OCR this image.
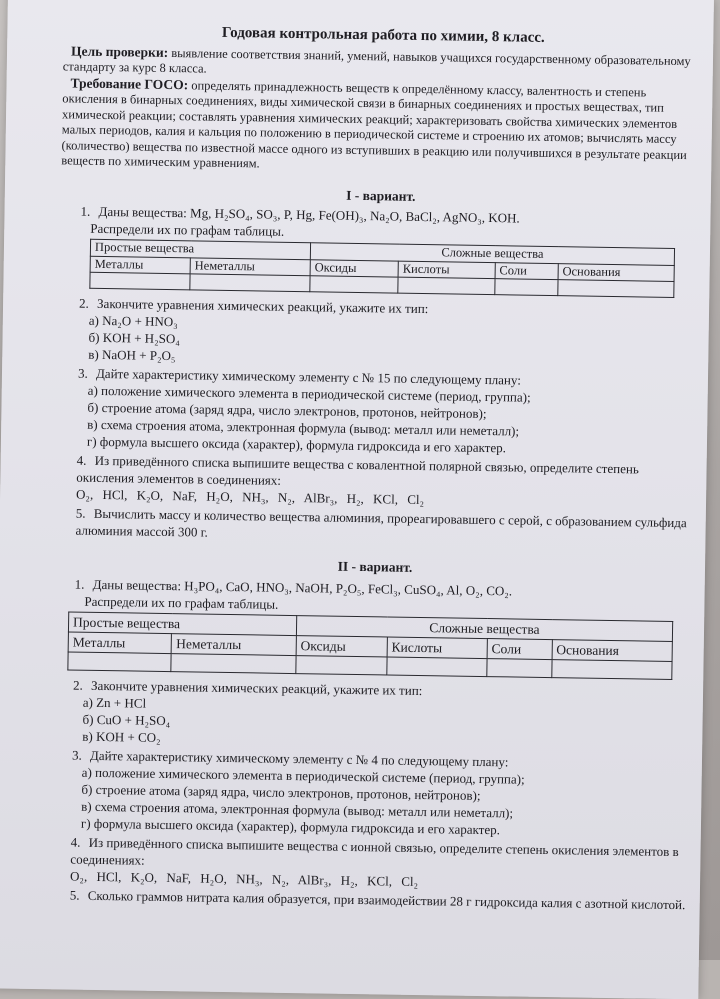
Годовая контрольная работа по химии, 8 класс.

Цель проверки: выявление соответствия знаний, умений, навыков учащихся государственному образовательному стандарту за курс 8 класса.

Требование ГОСО: определять принадлежность веществ к определённому классу, валентность и степень окисления в бинарных соединениях, виды химической связи в бинарных соединениях и простых веществах, тип химической реакции; составлять уравнения химических реакций; характеризовать свойства химических элементов малых периодов, калия и кальция по положению в периодической системе и строению их атомов; вычислять массу (количество) вещества по известной массе одного из вступивших в реакцию или получившихся в результате реакции веществ по химическим уравнениям.

I - вариант.
1. Даны вещества: Mg, H₂SO₄, SO₃, P, Hg, Fe(OH)₃, Na₂O, BaCl₂, AgNO₃, KOH.
Распредели их по графам таблицы.
Простые вещества		Сложные вещества			
Металлы	Неметаллы	Оксиды	Кислоты	Соли	Основания

2. Закончите уравнения химических реакций, укажите их тип:
а) Na₂O + HNO₃
б) KOH + H₂SO₄
в) NaOH + P₂O₅
3. Дайте характеристику химическому элементу с № 15 по следующему плану:
а) положение химического элемента в периодической системе (период, группа);
б) строение атома (заряд ядра, число электронов, протонов, нейтронов);
в) схема строения атома, электронная формула (вывод: металл или неметалл);
г) формула высшего оксида (характер), формула гидроксида и его характер.
4. Из приведённого списка выпишите вещества с ковалентной полярной связью, определите степень окисления элементов в соединениях:
O₂, HCl, K₂O, NaF, H₂O, NH₃, N₂, AlBr₃, H₂, KCl, Cl₂
5. Вычислить массу и количество вещества алюминия, прореагировавшего с серой, с образованием сульфида алюминия массой 300 г.
II - вариант.
1. Даны вещества: H₃PO₄, CaO, HNO₃, NaOH, P₂O₅, FeCl₃, CuSO₄, Al, O₂, CO₂.
Распредели их по графам таблицы.
Простые вещества		Сложные вещества			
Металлы	Неметаллы	Оксиды	Кислоты	Соли	Основания

2. Закончите уравнения химических реакций, укажите их тип:
а) Zn + HCl
б) CuO + H₂SO₄
в) KOH + CO₂
3. Дайте характеристику химическому элементу с № 4 по следующему плану:
а) положение химического элемента в периодической системе (период, группа);
б) строение атома (заряд ядра, число электронов, протонов, нейтронов);
в) схема строения атома, электронная формула (вывод: металл или неметалл);
г) формула высшего оксида (характер), формула гидроксида и его характер.
4. Из приведённого списка выпишите вещества с ионной связью, определите степень окисления элементов в соединениях:
O₂, HCl, K₂O, NaF, H₂O, NH₃, N₂, AlBr₃, H₂, KCl, Cl₂
5. Сколько граммов нитрата калия образуется, при взаимодействии 28 г гидроксида калия с азотной кислотой.
